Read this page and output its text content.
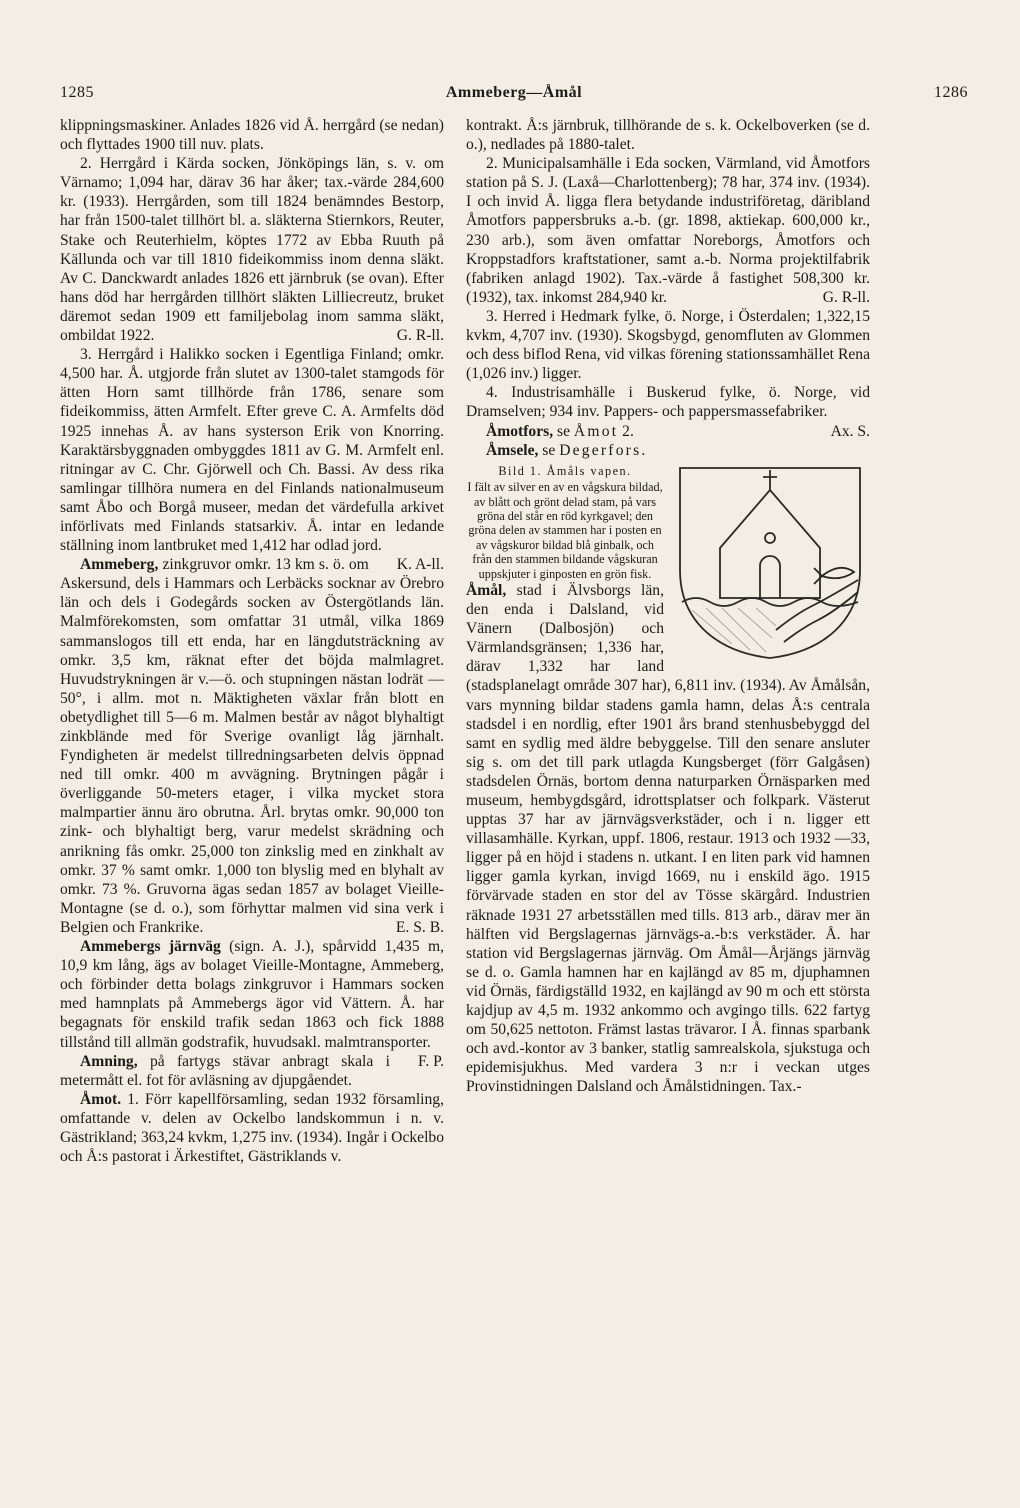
1285	Ammeberg—Åmål	1286

klippningsmaskiner. Anlades 1826 vid Å. herrgård (se nedan) och flyttades 1900 till nuv. plats.

2. Herrgård i Kärda socken, Jönköpings län, s. v. om Värnamo; 1,094 har, därav 36 har åker; tax.-värde 284,600 kr. (1933). Herrgården, som till 1824 benämndes Bestorp, har från 1500-talet tillhört bl. a. släkterna Stiernkors, Reuter, Stake och Reuterhielm, köptes 1772 av Ebba Ruuth på Källunda och var till 1810 fideikommiss inom denna släkt. Av C. Danckwardt anlades 1826 ett järnbruk (se ovan). Efter hans död har herrgården tillhört släkten Lilliecreutz, bruket däremot sedan 1909 ett familjebolag inom samma släkt, ombildat 1922.	G. R-ll.

3. Herrgård i Halikko socken i Egentliga Finland; omkr. 4,500 har. Å. utgjorde från slutet av 1300-talet stamgods för ätten Horn samt tillhörde från 1786, senare som fideikommiss, ätten Armfelt. Efter greve C. A. Armfelts död 1925 innehas Å. av hans systerson Erik von Knorring. Karaktärsbyggnaden ombyggdes 1811 av G. M. Armfelt enl. ritningar av C. Chr. Gjörwell och Ch. Bassi. Av dess rika samlingar tillhöra numera en del Finlands nationalmuseum samt Åbo och Borgå museer, medan det värdefulla arkivet införlivats med Finlands statsarkiv. Å. intar en ledande ställning inom lantbruket med 1,412 har odlad jord.
K. A-ll.

Ammeberg, zinkgruvor omkr. 13 km s. ö. om Askersund, dels i Hammars och Lerbäcks socknar av Örebro län och dels i Godegårds socken av Östergötlands län. Malmförekomsten, som omfattar 31 utmål, vilka 1869 sammanslogos till ett enda, har en längdutsträckning av omkr. 3,5 km, räknat efter det böjda malmlagret. Huvudstrykningen är v.—ö. och stupningen nästan lodrät — 50°, i allm. mot n. Mäktigheten växlar från blott en obetydlighet till 5—6 m. Malmen består av något blyhaltigt zinkblände med för Sverige ovanligt låg järnhalt. Fyndigheten är medelst tillredningsarbeten delvis öppnad ned till omkr. 400 m avvägning. Brytningen pågår i överliggande 50-meters etager, i vilka mycket stora malmpartier ännu äro obrutna. Årl. brytas omkr. 90,000 ton zink- och blyhaltigt berg, varur medelst skrädning och anrikning fås omkr. 25,000 ton zinkslig med en zinkhalt av omkr. 37 % samt omkr. 1,000 ton blyslig med en blyhalt av omkr. 73 %. Gruvorna ägas sedan 1857 av bolaget Vieille-Montagne (se d. o.), som förhyttar malmen vid sina verk i Belgien och Frankrike.	E. S. B.

Ammebergs järnväg (sign. A. J.), spårvidd 1,435 m, 10,9 km lång, ägs av bolaget Vieille-Montagne, Ammeberg, och förbinder detta bolags zinkgruvor i Hammars socken med hamnplats på Ammebergs ägor vid Vättern. Å. har begagnats för enskild trafik sedan 1863 och fick 1888 tillstånd till allmän godstrafik, huvudsakl. malmtransporter.
F. P.

Amning, på fartygs stävar anbragt skala i metermått el. fot för avläsning av djupgåendet.

Åmot. 1. Förr kapellförsamling, sedan 1932 församling, omfattande v. delen av Ockelbo landskommun i n. v. Gästrikland; 363,24 kvkm, 1,275 inv. (1934). Ingår i Ockelbo och Å:s pastorat i Ärkestiftet, Gästriklands v.

kontrakt. Å:s järnbruk, tillhörande de s. k. Ockelboverken (se d. o.), nedlades på 1880-talet.

2. Municipalsamhälle i Eda socken, Värmland, vid Åmotfors station på S. J. (Laxå—Charlottenberg); 78 har, 374 inv. (1934). I och invid Å. ligga flera betydande industriföretag, däribland Åmotfors pappersbruks a.-b. (gr. 1898, aktiekap. 600,000 kr., 230 arb.), som även omfattar Noreborgs, Åmotfors och Kroppstadfors kraftstationer, samt a.-b. Norma projektilfabrik (fabriken anlagd 1902). Tax.-värde å fastighet 508,300 kr. (1932), tax. inkomst 284,940 kr.	G. R-ll.

3. Herred i Hedmark fylke, ö. Norge, i Österdalen; 1,322,15 kvkm, 4,707 inv. (1930). Skogsbygd, genomfluten av Glommen och dess biflod Rena, vid vilkas förening stationssamhället Rena (1,026 inv.) ligger.

4. Industrisamhälle i Buskerud fylke, ö. Norge, vid Dramselven; 934 inv. Pappers- och pappersmassefabriker.
Ax. S.

Åmotfors, se Åmot 2.

Åmsele, se Degerfors.

Bild 1. Åmåls vapen.
I fält av silver en av en vågskura bildad, av blått och grönt delad stam, på vars gröna del står en röd kyrkgavel; den gröna delen av stammen har i posten en av vågskuror bildad blå ginbalk, och från den stammen bildande vågskuran uppskjuter i ginposten en grön fisk.
Åmål, stad i Älvsborgs län, den enda i Dalsland, vid Vänern (Dalbosjön) och Värmlandsgränsen; 1,336 har, därav 1,332 har land (stadsplanelagt område 307 har), 6,811 inv. (1934). Av Åmålsån, vars mynning bildar stadens gamla hamn, delas Å:s centrala stadsdel i en nordlig, efter 1901 års brand stenhusbebyggd del samt en sydlig med äldre bebyggelse. Till den senare ansluter sig s. om det till park utlagda Kungsberget (förr Galgåsen) stadsdelen Örnäs, bortom denna naturparken Örnäsparken med museum, hembygdsgård, idrottsplatser och folkpark. Västerut upptas 37 har av järnvägsverkstäder, och i n. ligger ett villasamhälle. Kyrkan, uppf. 1806, restaur. 1913 och 1932 —33, ligger på en höjd i stadens n. utkant. I en liten park vid hamnen ligger gamla kyrkan, invigd 1669, nu i enskild ägo. 1915 förvärvade staden en stor del av Tösse skärgård. Industrien räknade 1931 27 arbetsställen med tills. 813 arb., därav mer än hälften vid Bergslagernas järnvägs-a.-b:s verkstäder. Å. har station vid Bergslagernas järnväg. Om Åmål—Årjängs järnväg se d. o. Gamla hamnen har en kajlängd av 85 m, djuphamnen vid Örnäs, färdigställd 1932, en kajlängd av 90 m och ett största kajdjup av 4,5 m. 1932 ankommo och avgingo tills. 622 fartyg om 50,625 nettoton. Främst lastas trävaror. I Å. finnas sparbank och avd.-kontor av 3 banker, statlig samrealskola, sjukstuga och epidemisjukhus. Med vardera 3 n:r i veckan utges Provinstidningen Dalsland och Åmålstidningen. Tax.-
